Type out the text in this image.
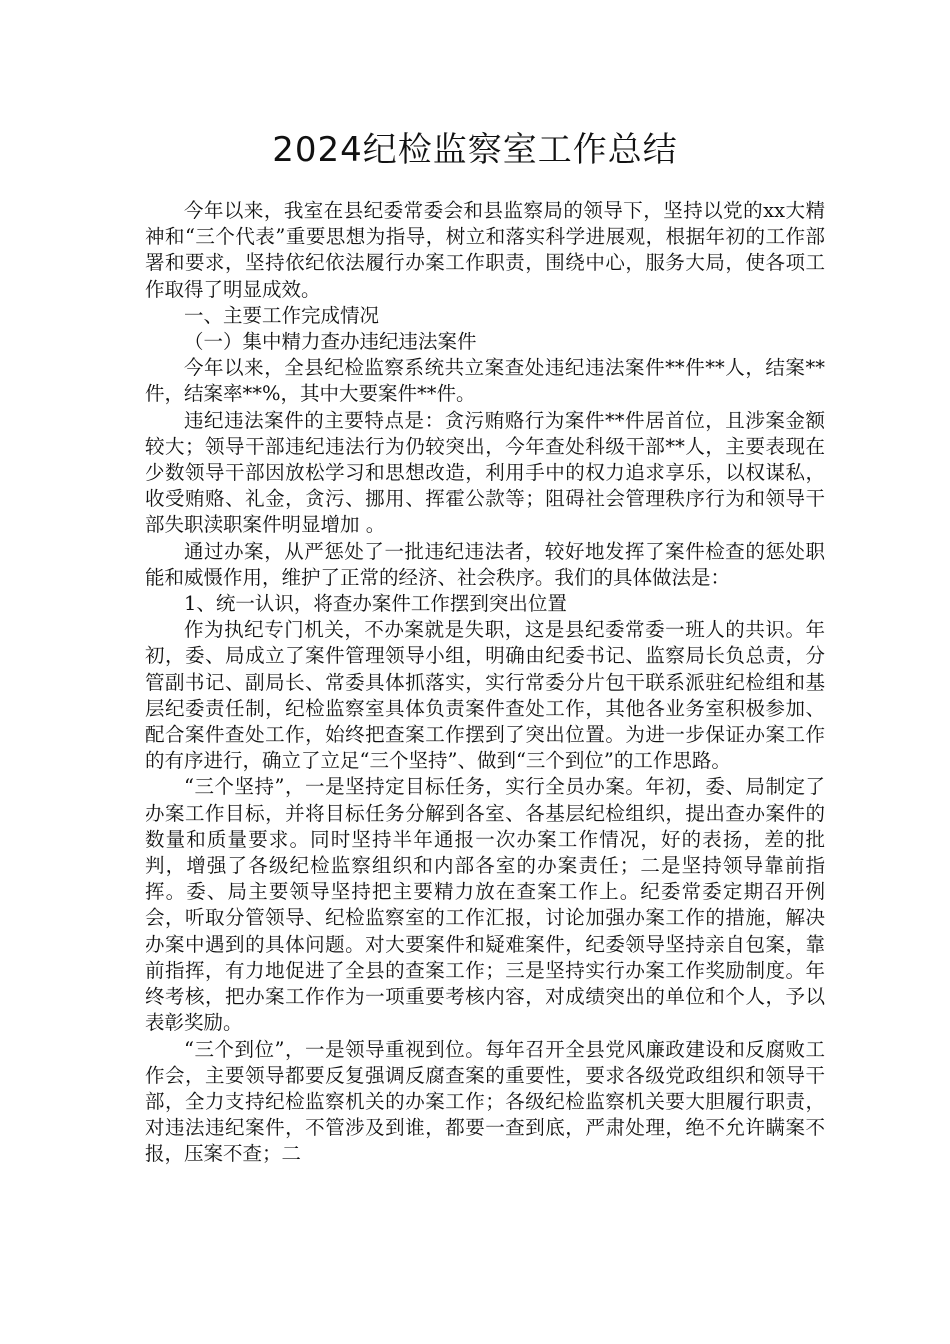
2024纪检监察室工作总结

今年以来，我室在县纪委常委会和县监察局的领导下，坚持以党的xx大精神和“三个代表”重要思想为指导，树立和落实科学进展观，根据年初的工作部署和要求，坚持依纪依法履行办案工作职责，围绕中心，服务大局，使各项工作取得了明显成效。

一、主要工作完成情况

（一）集中精力查办违纪违法案件

今年以来，全县纪检监察系统共立案查处违纪违法案件**件**人，结案**件，结案率**%，其中大要案件**件。

违纪违法案件的主要特点是：贪污贿赂行为案件**件居首位，且涉案金额较大；领导干部违纪违法行为仍较突出，今年查处科级干部**人，主要表现在少数领导干部因放松学习和思想改造，利用手中的权力追求享乐，以权谋私，收受贿赂、礼金，贪污、挪用、挥霍公款等；阻碍社会管理秩序行为和领导干部失职渎职案件明显增加 。

通过办案，从严惩处了一批违纪违法者，较好地发挥了案件检查的惩处职能和威慑作用，维护了正常的经济、社会秩序。我们的具体做法是：

1、统一认识，将查办案件工作摆到突出位置

作为执纪专门机关，不办案就是失职，这是县纪委常委一班人的共识。年初，委、局成立了案件管理领导小组，明确由纪委书记、监察局长负总责，分管副书记、副局长、常委具体抓落实，实行常委分片包干联系派驻纪检组和基层纪委责任制，纪检监察室具体负责案件查处工作，其他各业务室积极参加、配合案件查处工作，始终把查案工作摆到了突出位置。为进一步保证办案工作的有序进行，确立了立足“三个坚持”、做到“三个到位”的工作思路。

“三个坚持”，一是坚持定目标任务，实行全员办案。年初，委、局制定了办案工作目标，并将目标任务分解到各室、各基层纪检组织，提出查办案件的数量和质量要求。同时坚持半年通报一次办案工作情况，好的表扬，差的批判，增强了各级纪检监察组织和内部各室的办案责任；二是坚持领导靠前指挥。委、局主要领导坚持把主要精力放在查案工作上。纪委常委定期召开例会，听取分管领导、纪检监察室的工作汇报，讨论加强办案工作的措施，解决办案中遇到的具体问题。对大要案件和疑难案件，纪委领导坚持亲自包案，靠前指挥，有力地促进了全县的查案工作；三是坚持实行办案工作奖励制度。年终考核，把办案工作作为一项重要考核内容，对成绩突出的单位和个人，予以表彰奖励。

“三个到位”，一是领导重视到位。每年召开全县党风廉政建设和反腐败工作会，主要领导都要反复强调反腐查案的重要性，要求各级党政组织和领导干部，全力支持纪检监察机关的办案工作；各级纪检监察机关要大胆履行职责，对违法违纪案件，不管涉及到谁，都要一查到底，严肃处理，绝不允许瞒案不报，压案不查；二
